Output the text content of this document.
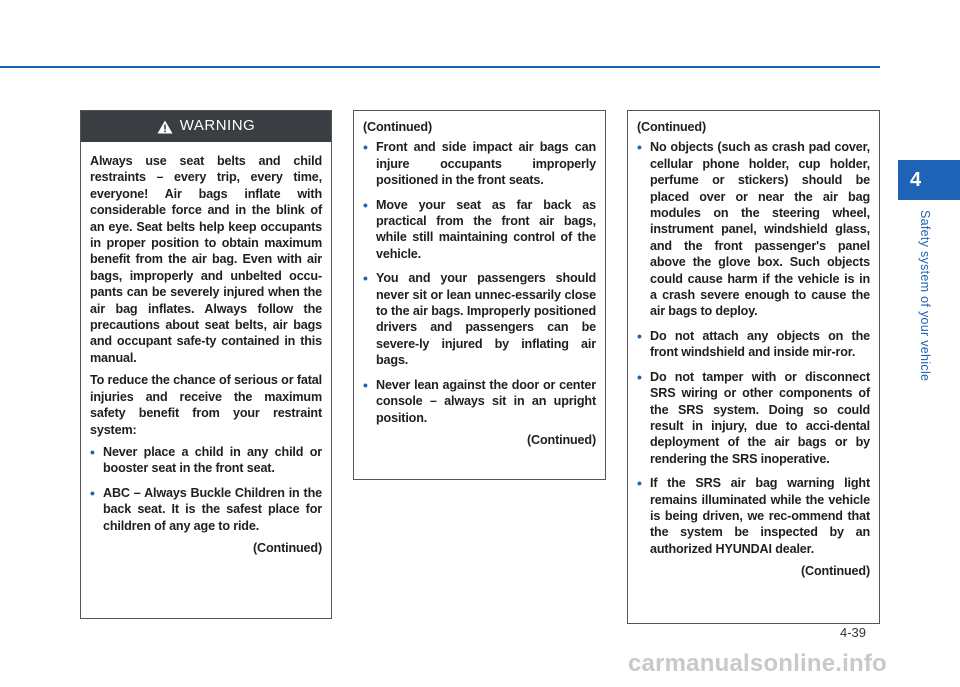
4
Safety system of your vehicle
WARNING

Always use seat belts and child restraints – every trip, every time, everyone! Air bags inflate with considerable force and in the blink of an eye. Seat belts help keep occupants in proper position to obtain maximum benefit from the air bag. Even with air bags, improperly and unbelted occu-pants can be severely injured when the air bag inflates. Always follow the precautions about seat belts, air bags and occupant safe-ty contained in this manual.

To reduce the chance of serious or fatal injuries and receive the maximum safety benefit from your restraint system:

• Never place a child in any child or booster seat in the front seat.
• ABC – Always Buckle Children in the back seat. It is the safest place for children of any age to ride.
(Continued)
(Continued)
• Front and side impact air bags can injure occupants improperly positioned in the front seats.
• Move your seat as far back as practical from the front air bags, while still maintaining control of the vehicle.
• You and your passengers should never sit or lean unnec-essarily close to the air bags. Improperly positioned drivers and passengers can be severe-ly injured by inflating air bags.
• Never lean against the door or center console – always sit in an upright position.
(Continued)
(Continued)
• No objects (such as crash pad cover, cellular phone holder, cup holder, perfume or stickers) should be placed over or near the air bag modules on the steering wheel, instrument panel, windshield glass, and the front passenger's panel above the glove box. Such objects could cause harm if the vehicle is in a crash severe enough to cause the air bags to deploy.
• Do not attach any objects on the front windshield and inside mir-ror.
• Do not tamper with or disconnect SRS wiring or other components of the SRS system. Doing so could result in injury, due to acci-dental deployment of the air bags or by rendering the SRS inoperative.
• If the SRS air bag warning light remains illuminated while the vehicle is being driven, we rec-ommend that the system be inspected by an authorized HYUNDAI dealer.
(Continued)
4-39
carmanualsonline.info
